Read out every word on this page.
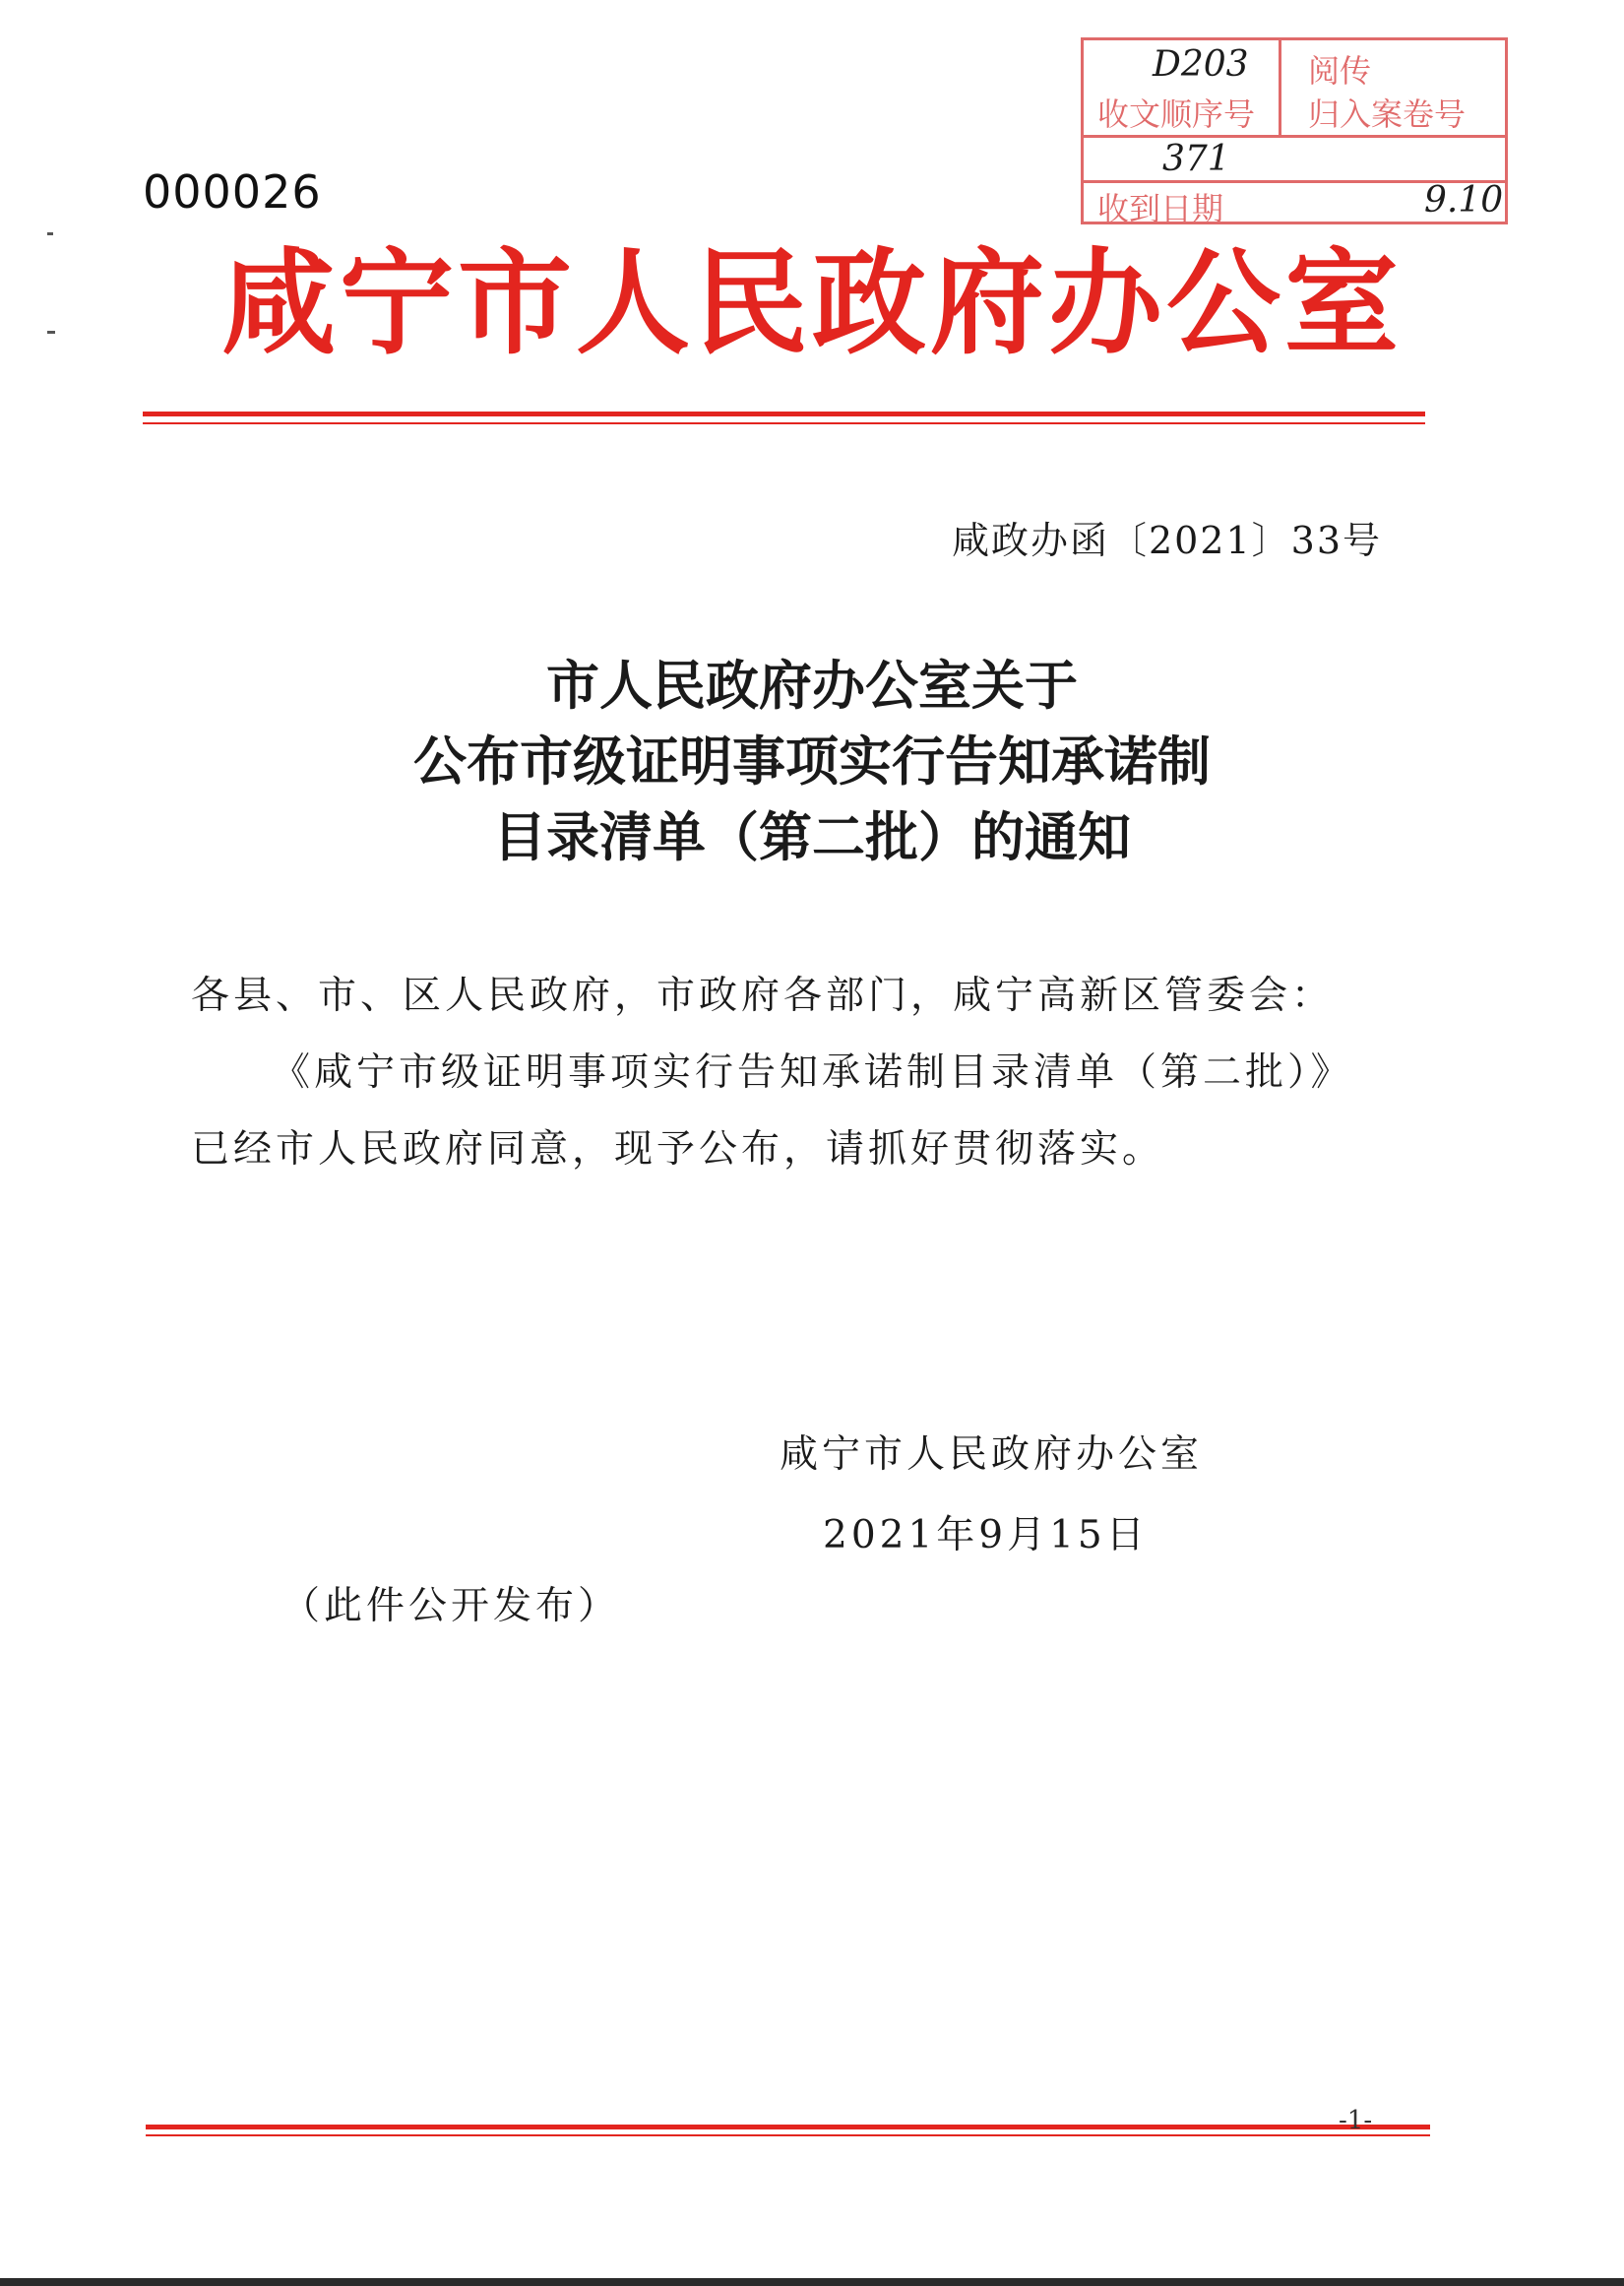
000026
收文顺序号 归入案卷号
收到日期
D203 阅传
371
9.10
咸宁市人民政府办公室
咸政办函〔2021〕33号
市人民政府办公室关于
公布市级证明事项实行告知承诺制
目录清单（第二批）的通知
各县、市、区人民政府，市政府各部门，咸宁高新区管委会：
《咸宁市级证明事项实行告知承诺制目录清单（第二批）》
已经市人民政府同意，现予公布，请抓好贯彻落实。
咸宁市人民政府办公室
2021年9月15日
（此件公开发布）
-1-
